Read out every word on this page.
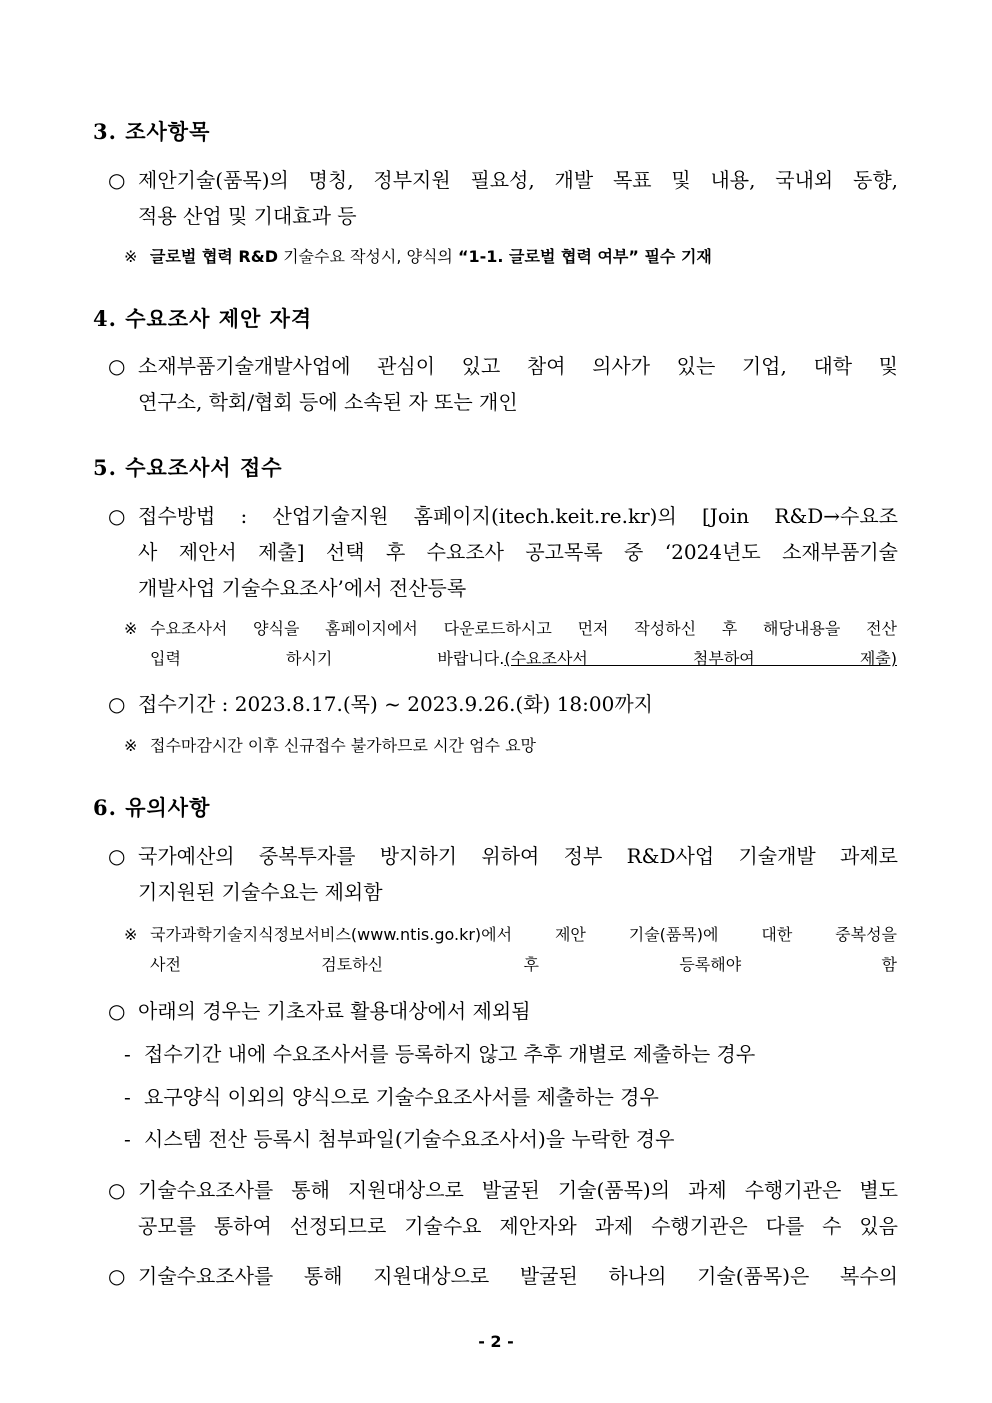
3. 조사항목
○ 제안기술(품목)의 명칭, 정부지원 필요성, 개발 목표 및 내용, 국내외 동향,
적용 산업 및 기대효과 등
※ 글로벌 협력 R&D 기술수요 작성시, 양식의 “1-1. 글로벌 협력 여부” 필수 기재
4. 수요조사 제안 자격
○ 소재부품기술개발사업에 관심이 있고 참여 의사가 있는 기업, 대학 및
연구소, 학회/협회 등에 소속된 자 또는 개인
5. 수요조사서 접수
○ 접수방법 : 산업기술지원 홈페이지(itech.keit.re.kr)의 [Join R&D→수요조
사 제안서 제출] 선택 후 수요조사 공고목록 중 ‘2024년도 소재부품기술
개발사업 기술수요조사’에서 전산등록
※ 수요조사서 양식을 홈페이지에서 다운로드하시고 먼저 작성하신 후 해당내용을 전산
입력 하시기 바랍니다.(수요조사서 첨부하여 제출)
○ 접수기간 : 2023.8.17.(목) ~ 2023.9.26.(화) 18:00까지
※ 접수마감시간 이후 신규접수 불가하므로 시간 엄수 요망
6. 유의사항
○ 국가예산의 중복투자를 방지하기 위하여 정부 R&D사업 기술개발 과제로
기지원된 기술수요는 제외함
※ 국가과학기술지식정보서비스(www.ntis.go.kr)에서 제안 기술(품목)에 대한 중복성을
사전 검토하신 후 등록해야 함
○ 아래의 경우는 기초자료 활용대상에서 제외됨
- 접수기간 내에 수요조사서를 등록하지 않고 추후 개별로 제출하는 경우
- 요구양식 이외의 양식으로 기술수요조사서를 제출하는 경우
- 시스템 전산 등록시 첨부파일(기술수요조사서)을 누락한 경우
○ 기술수요조사를 통해 지원대상으로 발굴된 기술(품목)의 과제 수행기관은 별도
공모를 통하여 선정되므로 기술수요 제안자와 과제 수행기관은 다를 수 있음
○ 기술수요조사를 통해 지원대상으로 발굴된 하나의 기술(품목)은 복수의
- 2 -
